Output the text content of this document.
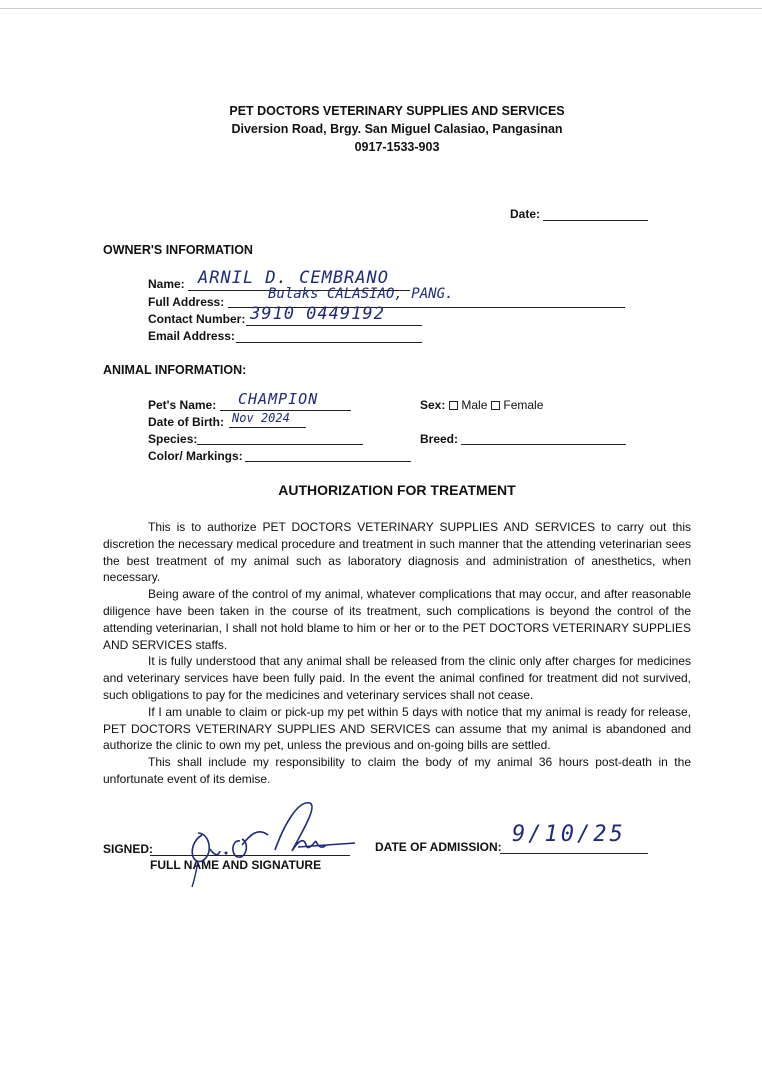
PET DOCTORS VETERINARY SUPPLIES AND SERVICES
Diversion Road, Brgy. San Miguel Calasiao, Pangasinan
0917-1533-903
Date:
OWNER'S INFORMATION
Name: ARNIL D. CEMBRANO
Full Address:	Bulaks CALASIAO, PANG.
Contact Number: 3910 0449192
Email Address:
ANIMAL INFORMATION:
Pet's Name: CHAMPION
Date of Birth: Nov 2024
Species:
Color/ Markings:
Sex: Male Female
Breed:
AUTHORIZATION FOR TREATMENT

This is to authorize PET DOCTORS VETERINARY SUPPLIES AND SERVICES to carry out this discretion the necessary medical procedure and treatment in such manner that the attending veterinarian sees the best treatment of my animal such as laboratory diagnosis and administration of anesthetics, when necessary.

Being aware of the control of my animal, whatever complications that may occur, and after reasonable diligence have been taken in the course of its treatment, such complications is beyond the control of the attending veterinarian, I shall not hold blame to him or her or to the PET DOCTORS VETERINARY SUPPLIES AND SERVICES staffs.

It is fully understood that any animal shall be released from the clinic only after charges for medicines and veterinary services have been fully paid. In the event the animal confined for treatment did not survived, such obligations to pay for the medicines and veterinary services shall not cease.

If I am unable to claim or pick-up my pet within 5 days with notice that my animal is ready for release, PET DOCTORS VETERINARY SUPPLIES AND SERVICES can assume that my animal is abandoned and authorize the clinic to own my pet, unless the previous and on-going bills are settled.

This shall include my responsibility to claim the body of my animal 36 hours post-death in the unfortunate event of its demise.

SIGNED:
FULL NAME AND SIGNATURE
DATE OF ADMISSION: 9/10/25
